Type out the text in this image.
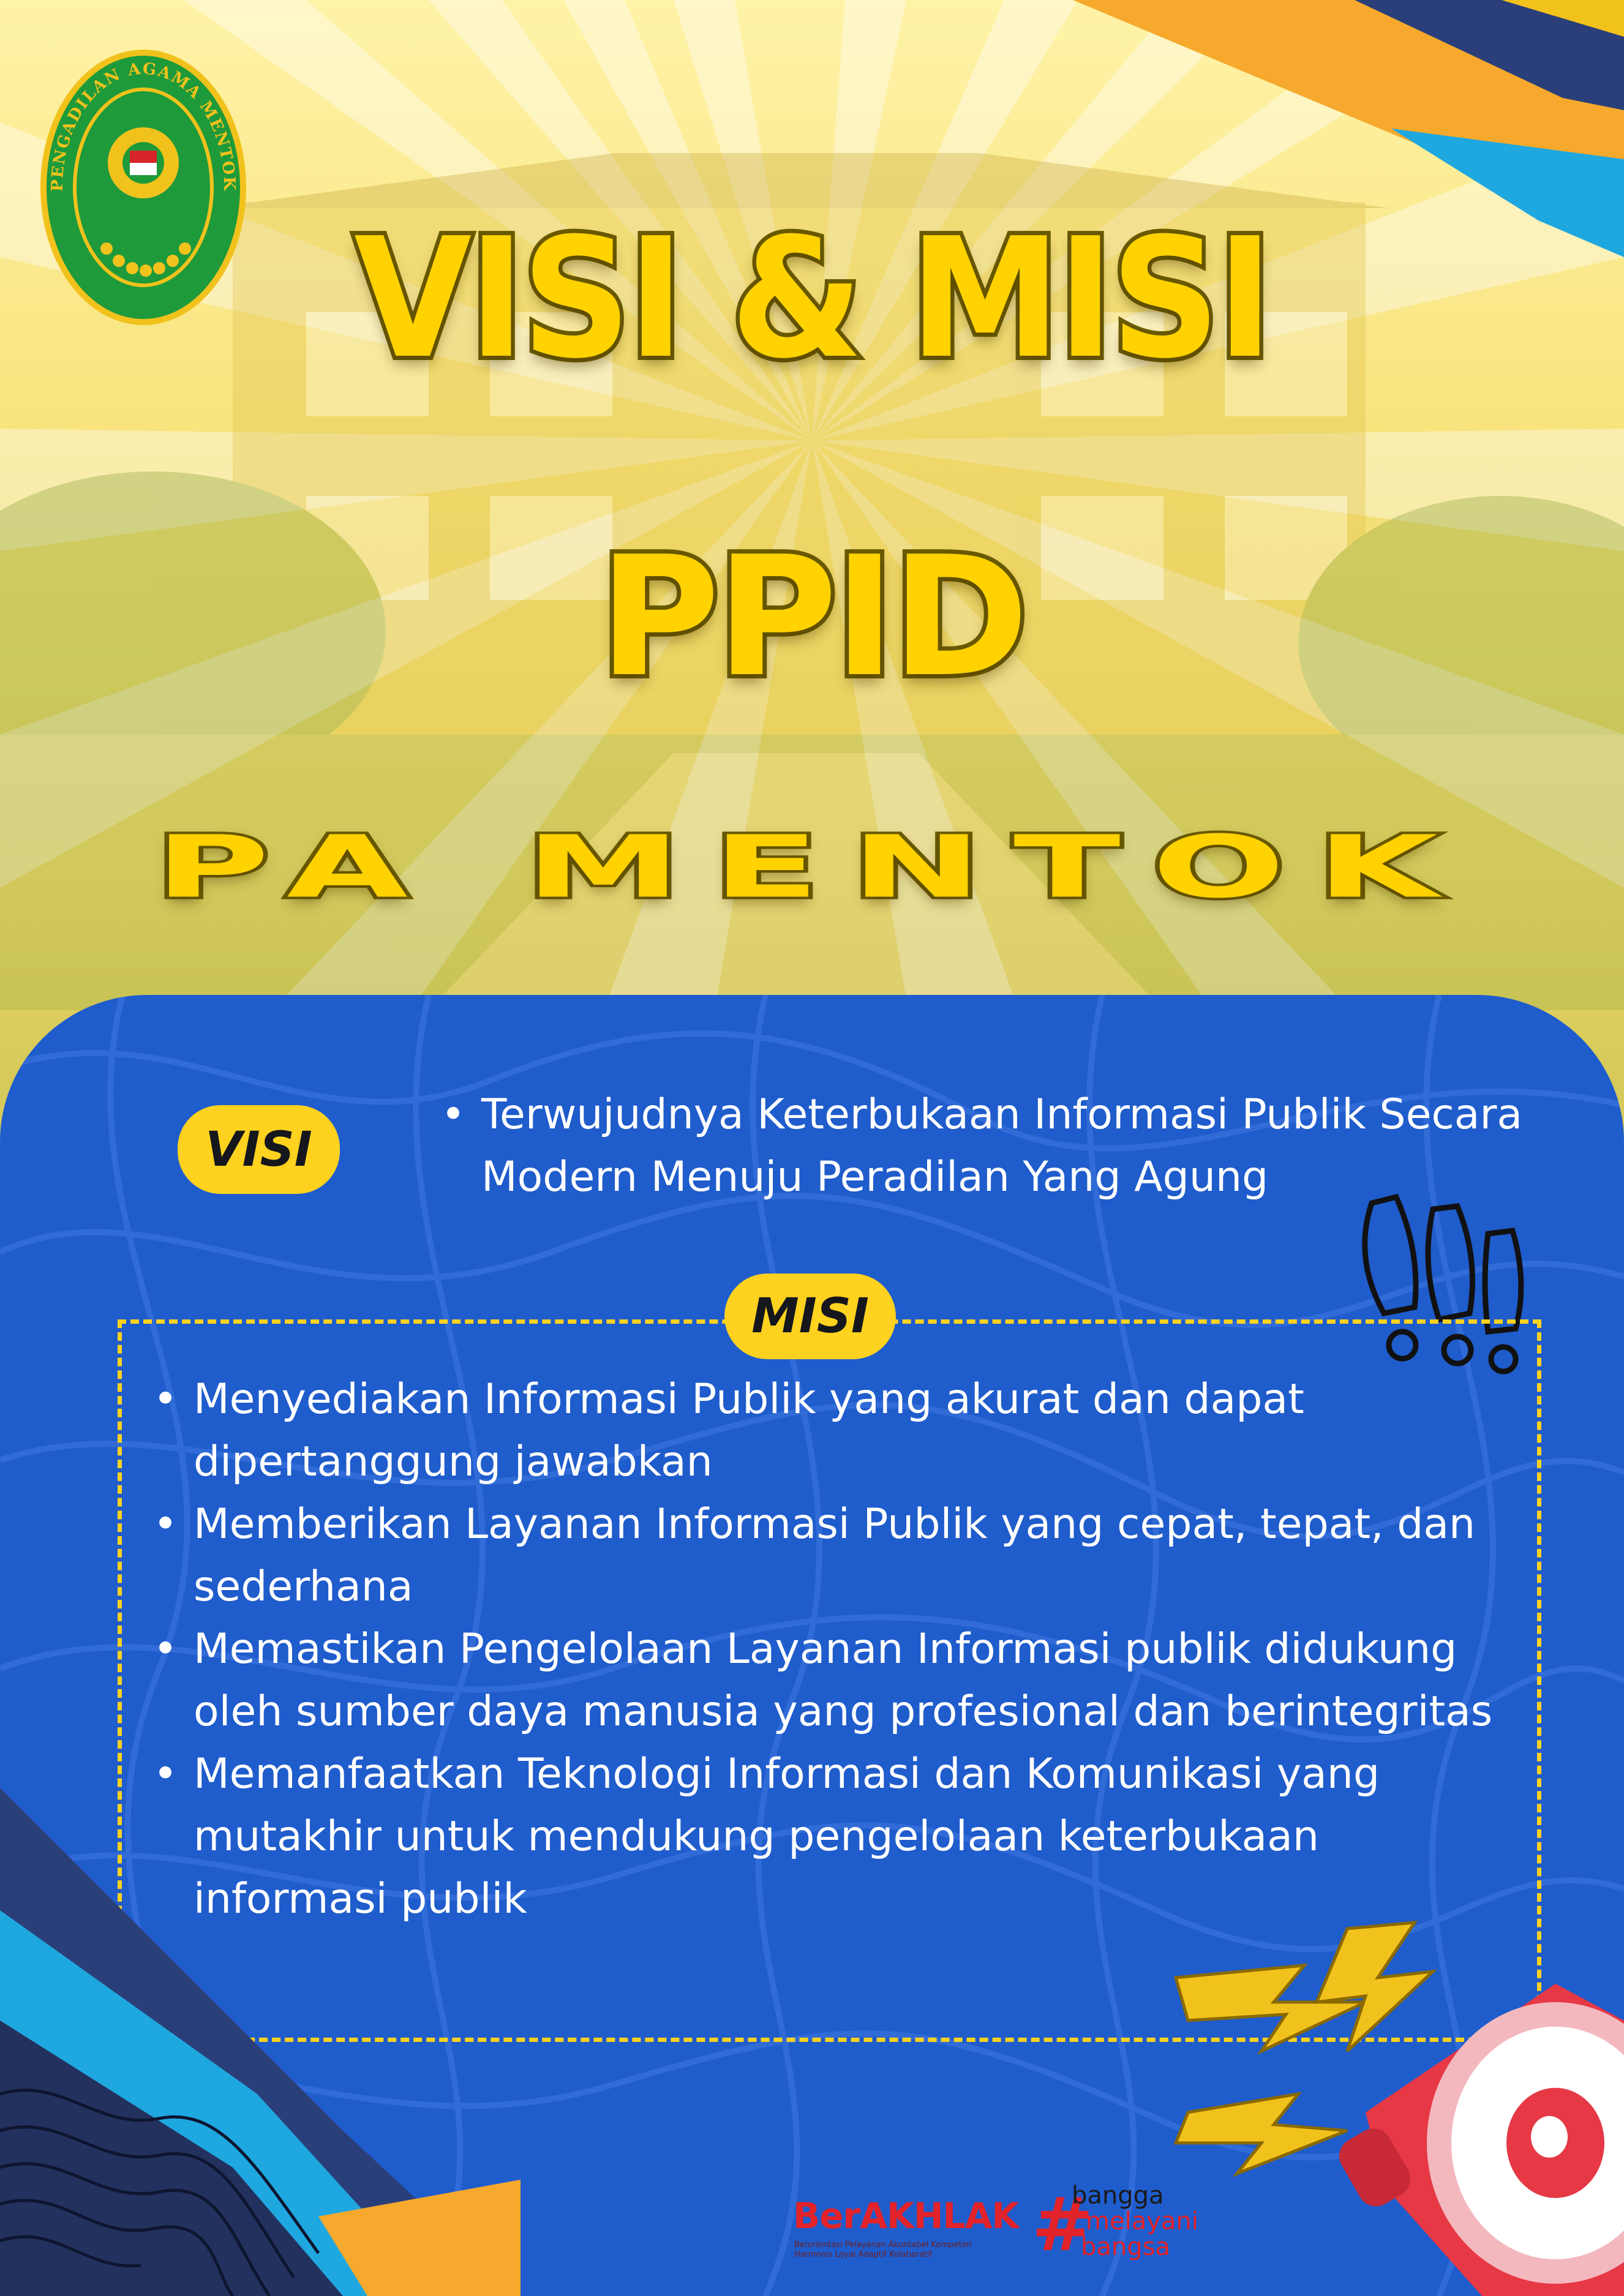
PENGADILAN AGAMA MENTOK
VISI & MISI
PPID
PA MENTOK
VISI
• Terwujudnya Keterbukaan Informasi Publik Secara Modern Menuju Peradilan Yang Agung
MISI
• Menyediakan Informasi Publik yang akurat dan dapat dipertanggung jawabkan
• Memberikan Layanan Informasi Publik yang cepat, tepat, dan sederhana
• Memastikan Pengelolaan Layanan Informasi publik didukung oleh sumber daya manusia yang profesional dan berintegritas
• Memanfaatkan Teknologi Informasi dan Komunikasi yang mutakhir untuk mendukung pengelolaan keterbukaan informasi publik
BerAKHLAK
Berorientasi Pelayanan Akuntabel Kompeten Harmonis Loyal Adaptif Kolaboratif	#
bangga
melayani
bangsa
